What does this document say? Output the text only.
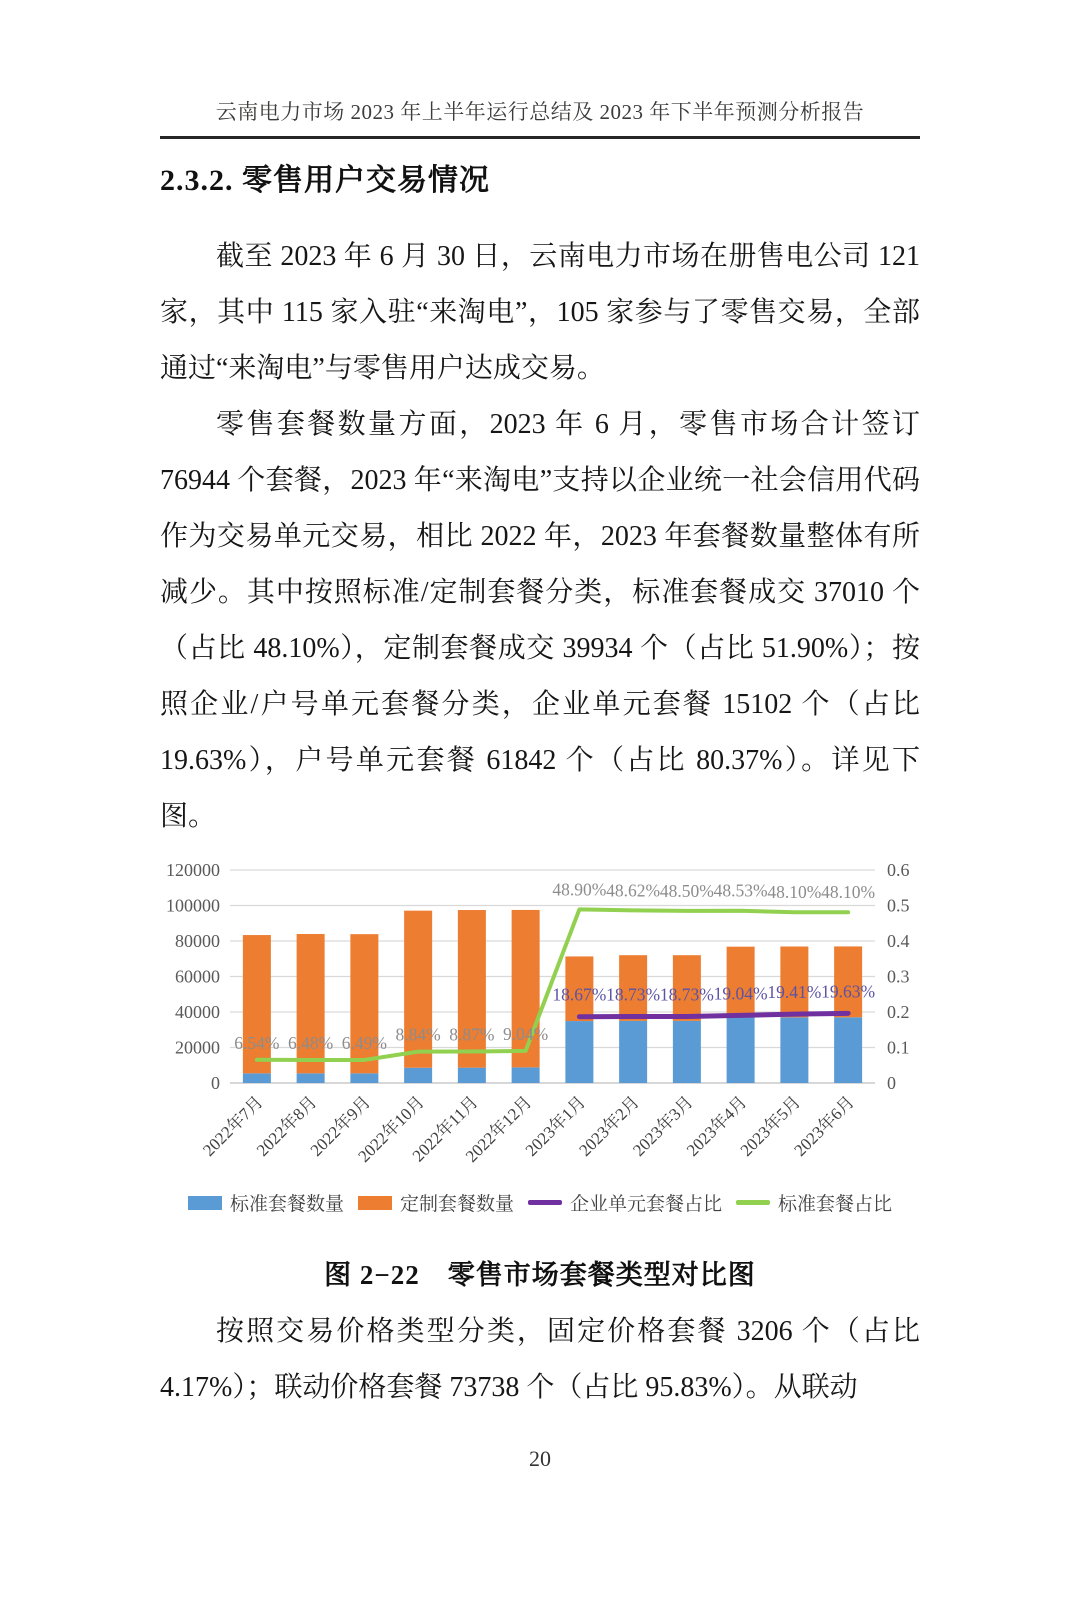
云南电力市场 2023 年上半年运行总结及 2023 年下半年预测分析报告
2.3.2. 零售用户交易情况

截至 2023 年 6 月 30 日，云南电力市场在册售电公司 121 家，其中 115 家入驻“来淘电”，105 家参与了零售交易，全部通过“来淘电”与零售用户达成交易。

零售套餐数量方面，2023 年 6 月，零售市场合计签订 76944 个套餐，2023 年“来淘电”支持以企业统一社会信用代码作为交易单元交易，相比 2022 年，2023 年套餐数量整体有所减少。其中按照标准/定制套餐分类，标准套餐成交 37010 个（占比 48.10%），定制套餐成交 39934 个（占比 51.90%）；按照企业/户号单元套餐分类，企业单元套餐 15102 个（占比 19.63%），户号单元套餐 61842 个（占比 80.37%）。详见下图。

0
20000
40000
60000
80000
100000
120000
0
0.1
0.2
0.3
0.4
0.5
0.6
2022年7月
2022年8月
2022年9月
2022年10月
2022年11月
2022年12月
2023年1月
2023年2月
2023年3月
2023年4月
2023年5月
2023年6月
18.67% 18.73% 18.73% 19.04% 19.41% 19.63%
6.54% 6.48% 6.49% 8.84% 8.87% 9.04%
48.90% 48.62% 48.50% 48.53% 48.10% 48.10%
标准套餐数量	定制套餐数量	企业单元套餐占比	标准套餐占比
图 2−22　零售市场套餐类型对比图

按照交易价格类型分类，固定价格套餐 3206 个（占比 4.17%）；联动价格套餐 73738 个（占比 95.83%）。从联动

20
